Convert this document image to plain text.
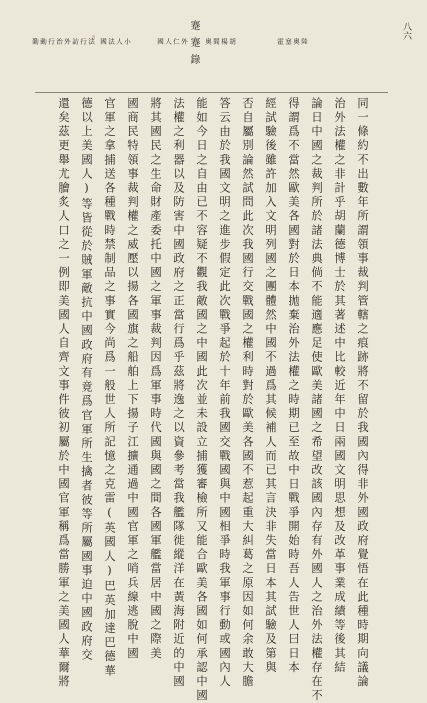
八六
蹇蹇錄	陸
奧
塞
霍
胡
楊
閻
奧
外
仁
人
國
小
人
法
國
法
行
訪
外
治
行
動
勤
同一條約不出數年所謂領事裁判管轄之痕跡將不留於我國內得非外國政府覺悟在此種時期向議論
治外法權之非計乎胡蘭德博士於其著述中比較近年中日兩國文明思想及改革事業成績等後其結
論日中國之裁判所於諸法典倘不能適應足使歐美諸國之希望改該國內存有外國人之治外法權存在不
得謂爲不當然歐美各國對於日本拋棄治外法權之時期已至故中日戰爭開始時吾人告世人曰日本
經試驗後雖許加入文明列國之團體然中國不過爲其候補人而已其言決非失當日本其試驗及第與
否自屬別論然試問此次我國行交戰國之權利時對於歐美各國不惹起重大糾葛之原因如何余敢大膽
答云由於我國文明之進步假定此次戰爭起於十年前我國交戰國與中國相爭時我軍事行動或國內人
能如今日之自由已不容疑不觀我敵國之中國此次並未設立捕獲審檢所又能合歐美各國如何承認中國
法權之利器以及防害中國政府之正當行爲乎茲將逸之以資參考當我艦隊徙縱洋在黃海附近的中國
將其國民之生命財產委托中國之軍事裁判因爲軍事時代國與國之間各國軍艦當居中國之際美
國商民特領事裁判權之威壓以揚各國旗之船舶上下揚子江擴通過中國官軍之哨兵線逃脫中國
官軍之拿捕送各種戰時禁制品之事實今尚爲一般世人所記憶之克雷(英國人)巴英加達巴德華
德以上美國人)等皆從於賊軍敵抗中國政府有竟爲官軍所生擒者彼等所屬國事迫中國政府交
還矣茲更舉尤膾炙人口之一例即美國人自齊文事件彼初屬於中國官軍稱爲當勝軍之美國人華爾將
